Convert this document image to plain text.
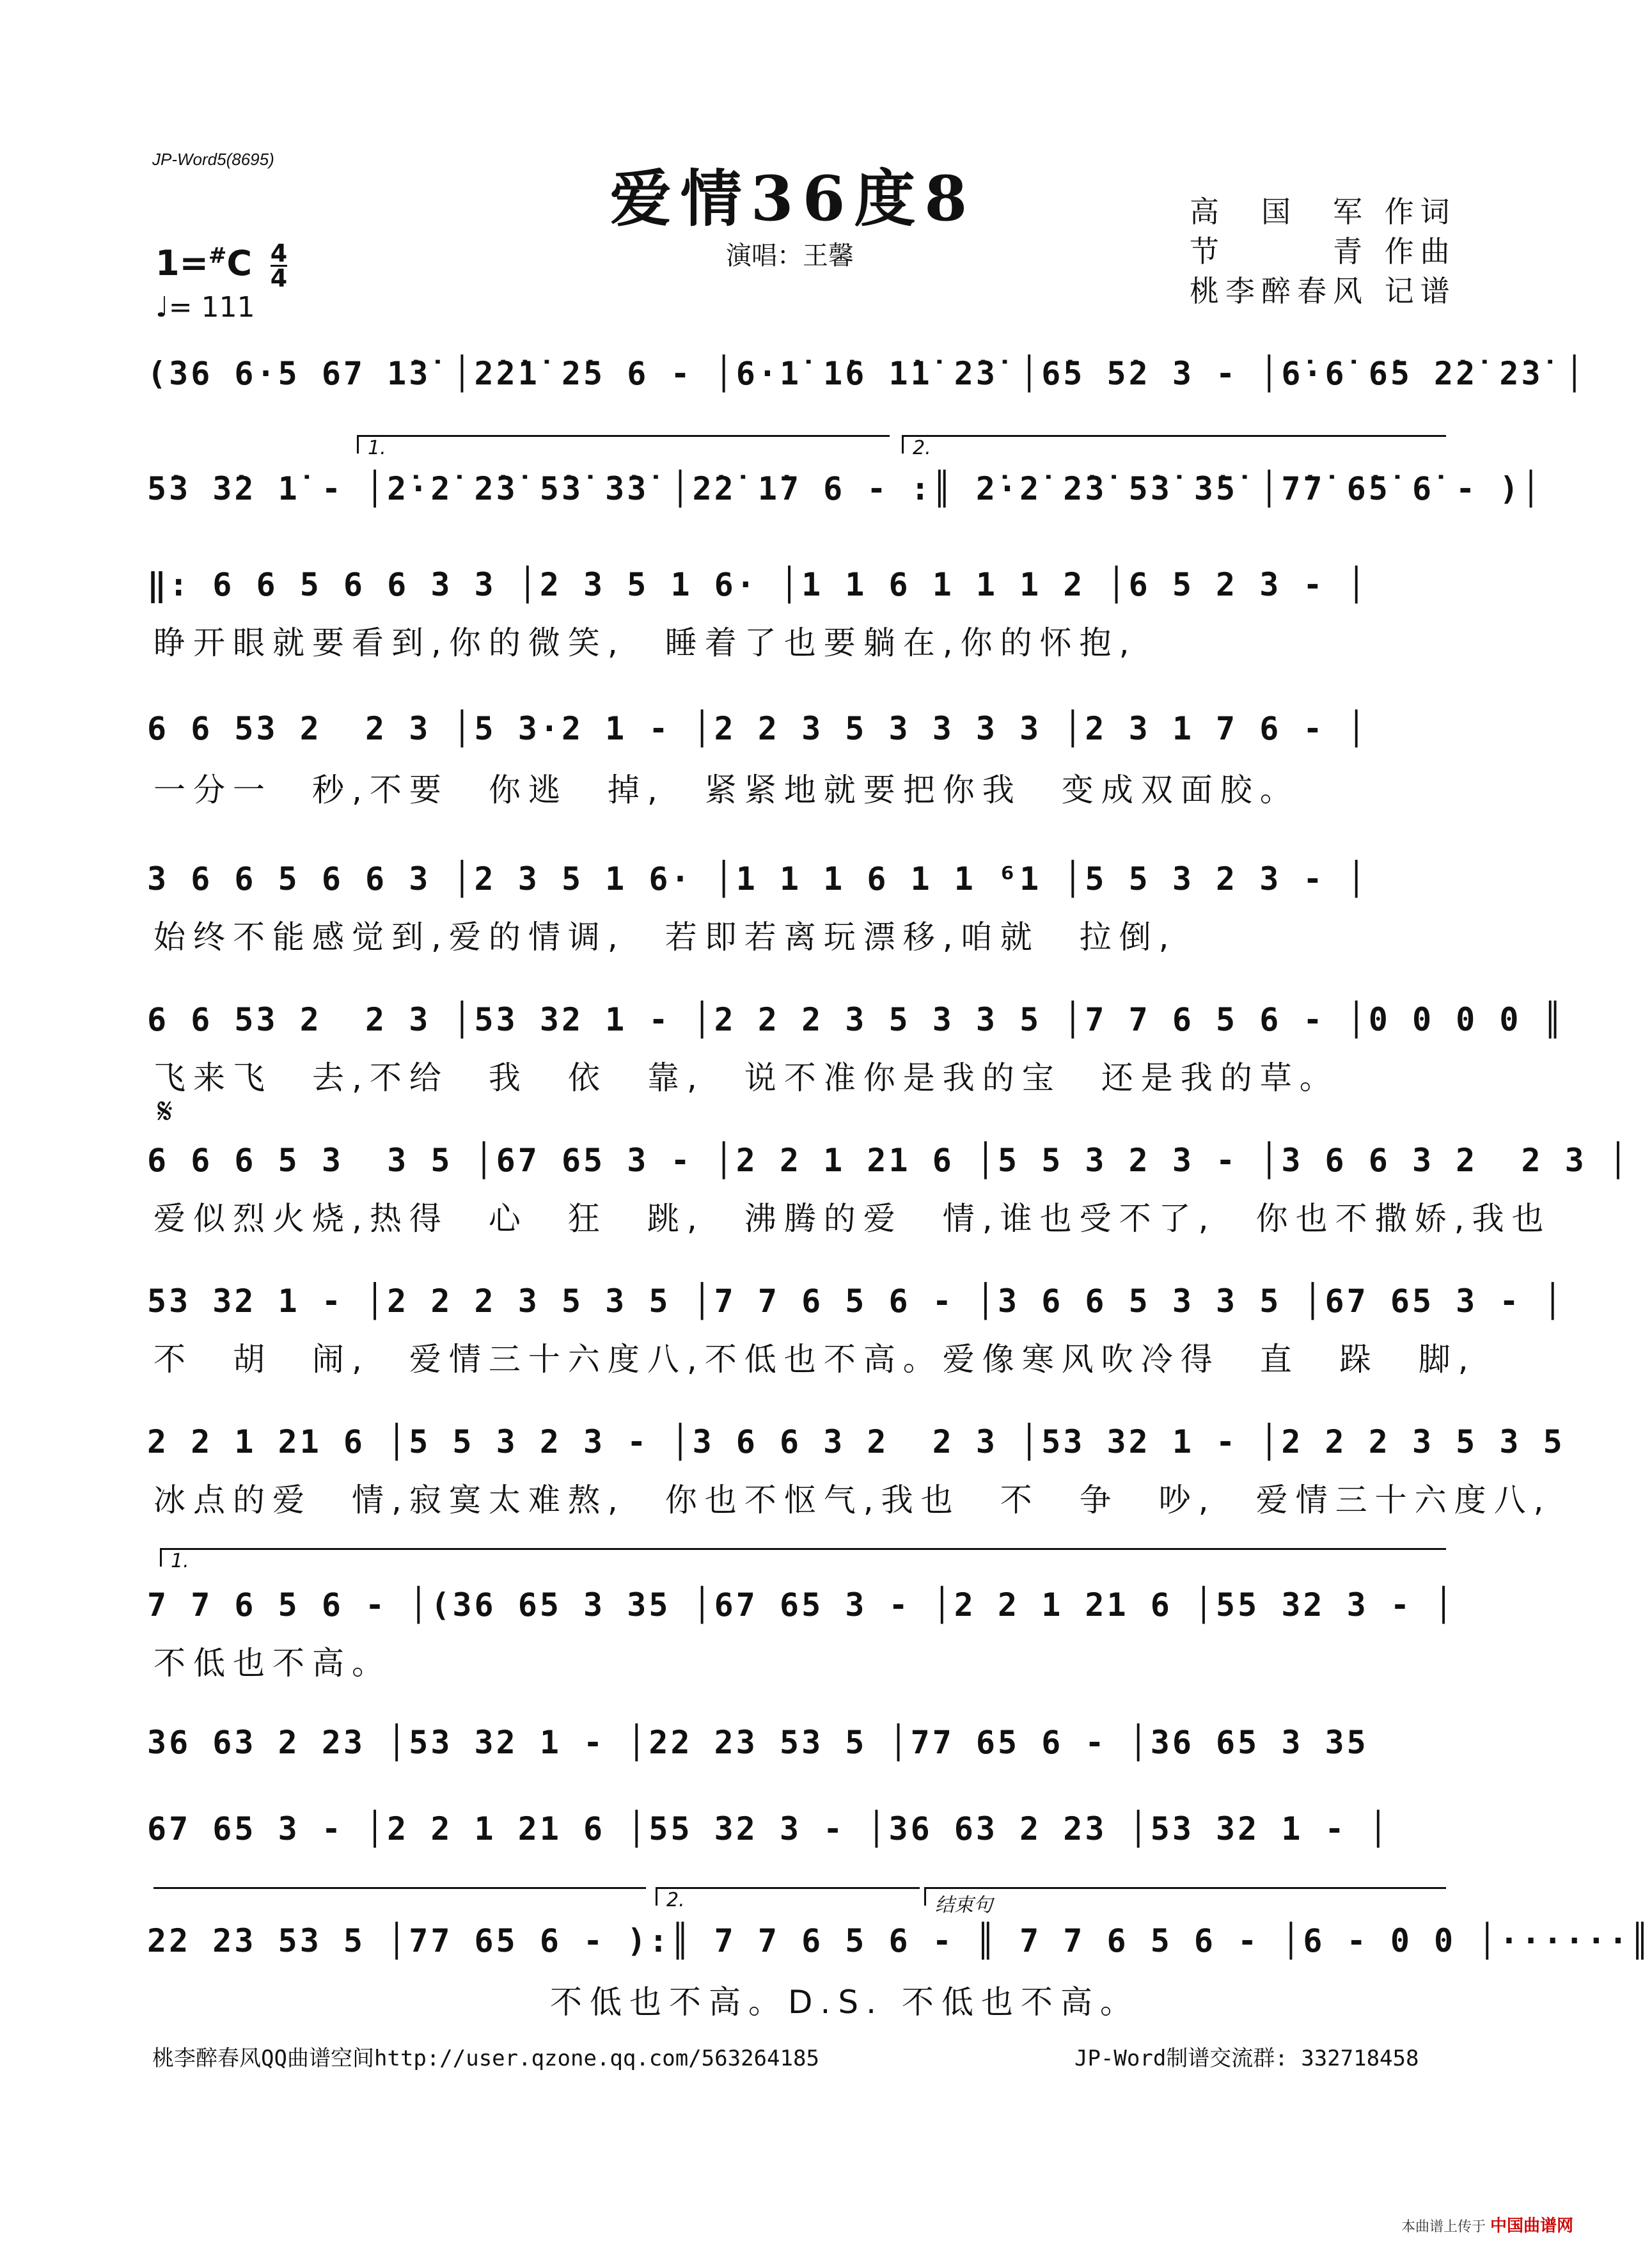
JP-Word5(8695)
爱情36度8
演唱：王馨
高　国　军 作词
节　　　青 作曲
桃李醉春风 记谱
$1=^{\#}C \frac{4}{4}$
♩= 111
1.	2.
1.
2.	结束句
𝄋
(36 6·5 67 1̇3̇ │2̇2̇1̇ 2̇5 6 - │6·1̇ 1̇6 1̇1̇ 2̇3̇ │6̇5 5̇2 3 - │6̇·6̇ 6̇5 2̇2̇ 2̇3̇ │
5̇3 3̇2 1̇ - │2̇·2̇ 2̇3̇ 5̇3̇ 3̇3̇ │2̇2̇ 1̇7 6 - :║ 2̇·2̇ 2̇3̇ 5̇3̇ 3̇5̇ │7̇7̇ 6̇5̇ 6̇ - )│
‖: 6 6 5 6 6 3 3 │2 3 5 1 6· │1 1 6 1 1 1 2 │6 5 2 3 - │
睁开眼就要看到,你的微笑,　睡着了也要躺在,你的怀抱,
6 6 53 2  2 3 │5 3·2 1 - │2 2 3 5 3 3 3 3 │2 3 1 7 6 - │
一分一　秒,不要　你逃　掉,　紧紧地就要把你我　变成双面胶。
3 6 6 5 6 6 3 │2 3 5 1 6· │1 1 1 6 1 1 ⁶1 │5 5 3 2 3 - │
始终不能感觉到,爱的情调,　若即若离玩漂移,咱就　拉倒,
6 6 53 2  2 3 │53 32 1 - │2 2 2 3 5 3 3 5 │7 7 6 5 6 - │0 0 0 0 ║
飞来飞　去,不给　我　依　靠,　说不准你是我的宝　还是我的草。
6 6 6 5 3  3 5 │67 65 3 - │2 2 1 21 6 │5 5 3 2 3 - │3 6 6 3 2  2 3 │
爱似烈火烧,热得　心　狂　跳,　沸腾的爱　情,谁也受不了,　你也不撒娇,我也
53 32 1 - │2 2 2 3 5 3 5 │7 7 6 5 6 - │3 6 6 5 3 3 5 │67 65 3 - │
不　胡　闹,　爱情三十六度八,不低也不高。爱像寒风吹冷得　直　跺　脚,
2 2 1 21 6 │5 5 3 2 3 - │3 6 6 3 2  2 3 │53 32 1 - │2 2 2 3 5 3 5
冰点的爱　情,寂寞太难熬,　你也不怄气,我也　不　争　吵,　爱情三十六度八,
7 7 6 5 6 - │(36 65 3 35 │67 65 3 - │2 2 1 21 6 │55 32 3 - │
不低也不高。
36 63 2 23 │53 32 1 - │22 23 53 5 │77 65 6 - │36 65 3 35
67 65 3 - │2 2 1 21 6 │55 32 3 - │36 63 2 23 │53 32 1 - │
22 23 53 5 │77 65 6 - ):║ 7 7 6 5 6 - ║ 7 7 6 5 6 - │6 - 0 0 │······║
　　　　　　　　　　不低也不高。D.S. 不低也不高。
桃李醉春风QQ曲谱空间http://user.qzone.qq.com/563264185	JP-Word制谱交流群: 332718458
本曲谱上传于 中国曲谱网
